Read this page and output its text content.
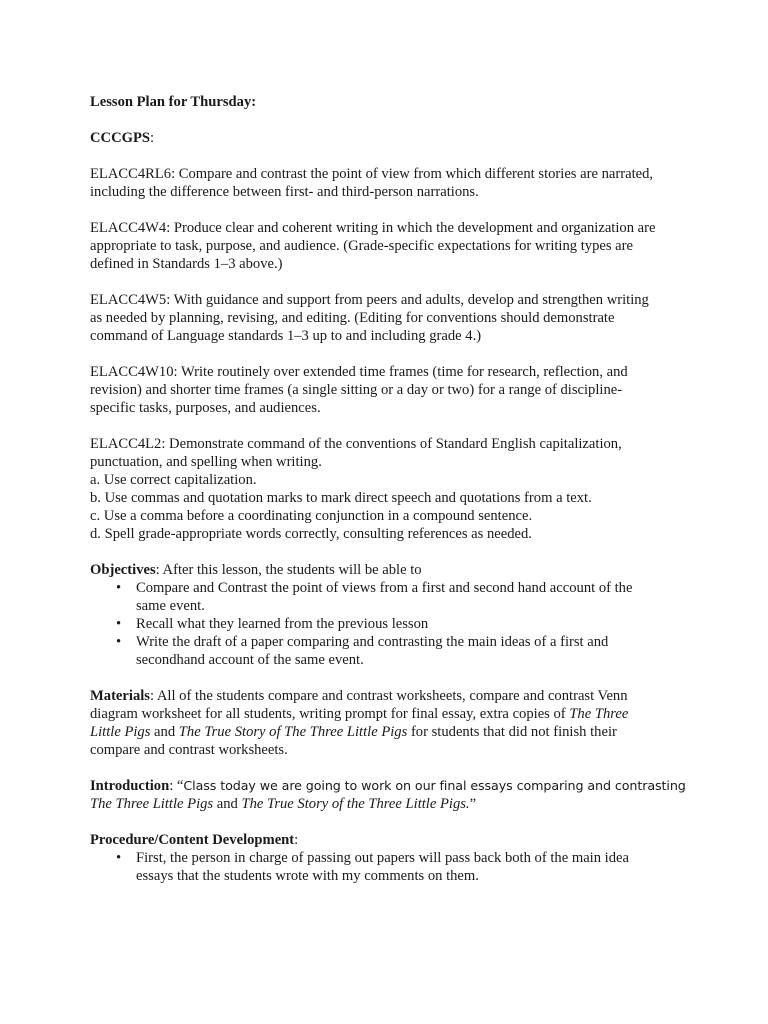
Lesson Plan for Thursday:

CCCGPS:

ELACC4RL6: Compare and contrast the point of view from which different stories are narrated,
including the difference between first- and third-person narrations.

ELACC4W4: Produce clear and coherent writing in which the development and organization are
appropriate to task, purpose, and audience. (Grade-specific expectations for writing types are
defined in Standards 1–3 above.)

ELACC4W5: With guidance and support from peers and adults, develop and strengthen writing
as needed by planning, revising, and editing. (Editing for conventions should demonstrate
command of Language standards 1–3 up to and including grade 4.)

ELACC4W10: Write routinely over extended time frames (time for research, reflection, and
revision) and shorter time frames (a single sitting or a day or two) for a range of discipline-
specific tasks, purposes, and audiences.

ELACC4L2: Demonstrate command of the conventions of Standard English capitalization,
punctuation, and spelling when writing.
a. Use correct capitalization.
b. Use commas and quotation marks to mark direct speech and quotations from a text.
c. Use a comma before a coordinating conjunction in a compound sentence.
d. Spell grade-appropriate words correctly, consulting references as needed.

Objectives: After this lesson, the students will be able to

• Compare and Contrast the point of views from a first and second hand account of the
same event.
• Recall what they learned from the previous lesson
• Write the draft of a paper comparing and contrasting the main ideas of a first and
secondhand account of the same event.

Materials: All of the students compare and contrast worksheets, compare and contrast Venn
diagram worksheet for all students, writing prompt for final essay, extra copies of The Three
Little Pigs and The True Story of The Three Little Pigs for students that did not finish their
compare and contrast worksheets.

Introduction: “Class today we are going to work on our final essays comparing and contrasting
The Three Little Pigs and The True Story of the Three Little Pigs.”

Procedure/Content Development:

• First, the person in charge of passing out papers will pass back both of the main idea
essays that the students wrote with my comments on them.
